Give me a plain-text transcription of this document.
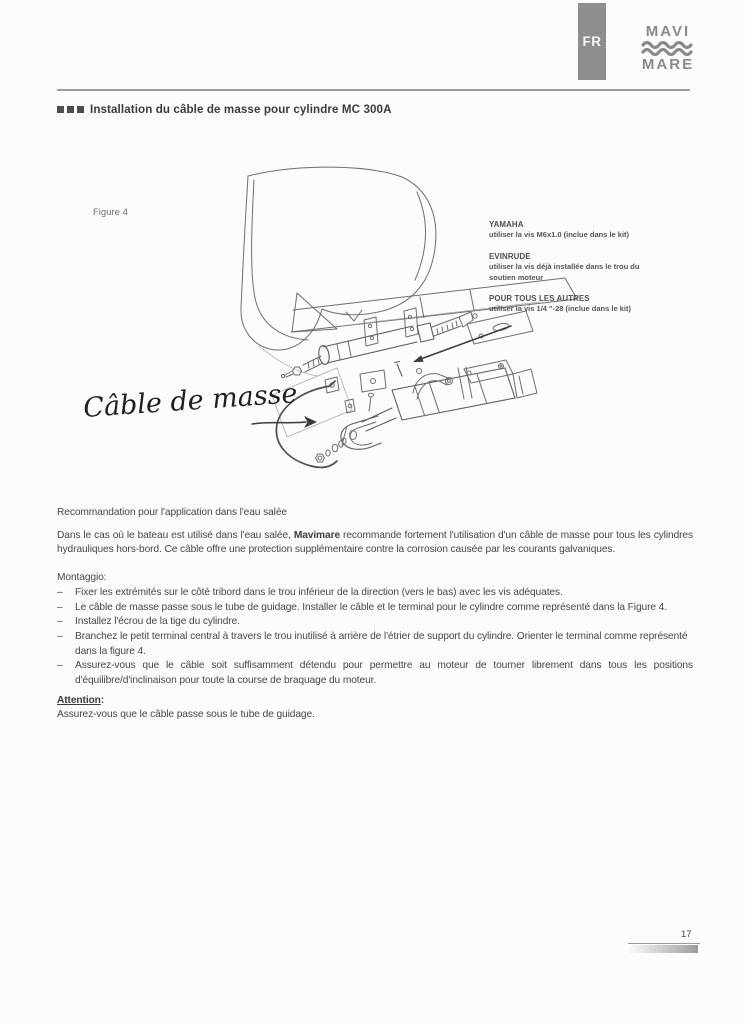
FR
MAVI
MARE
Installation du câble de masse pour cylindre MC 300A
Figure 4
Câble de masse
YAMAHA
utiliser la vis M6x1.0 (inclue dans le kit)
EVINRUDE
utiliser la vis déjà installée dans le trou du
soutien moteur
POUR TOUS LES AUTRES
utiliser la vis 1/4 "-28 (inclue dans le kit)
Recommandation pour l'application dans l'eau salée
Dans le cas où le bateau est utilisé dans l'eau salée, Mavimare recommande fortement l'utilisation d'un câble de masse pour tous les cylindres hydrauliques hors-bord. Ce câble offre une protection supplémentaire contre la corrosion causée par les courants galvaniques.
Montaggio:
–	Fixer les extrémités sur le côté tribord dans le trou inférieur de la direction (vers le bas) avec les vis adéquates.
–	Le câble de masse passe sous le tube de guidage. Installer le câble et le terminal pour le cylindre comme représenté dans la Figure 4.
–	Installez l'écrou de la tige du cylindre.
–	Branchez le petit terminal central à travers le trou inutilisé à arrière de l'étrier de support du cylindre. Orienter le terminal comme représenté dans la figure 4.
–	Assurez-vous que le câble soit suffisamment détendu pour permettre au moteur de tourner librement dans tous les positions d'équilibre/d'inclinaison pour toute la course de braquage du moteur.
Attention:
Assurez-vous que le câble passe sous le tube de guidage.
17
